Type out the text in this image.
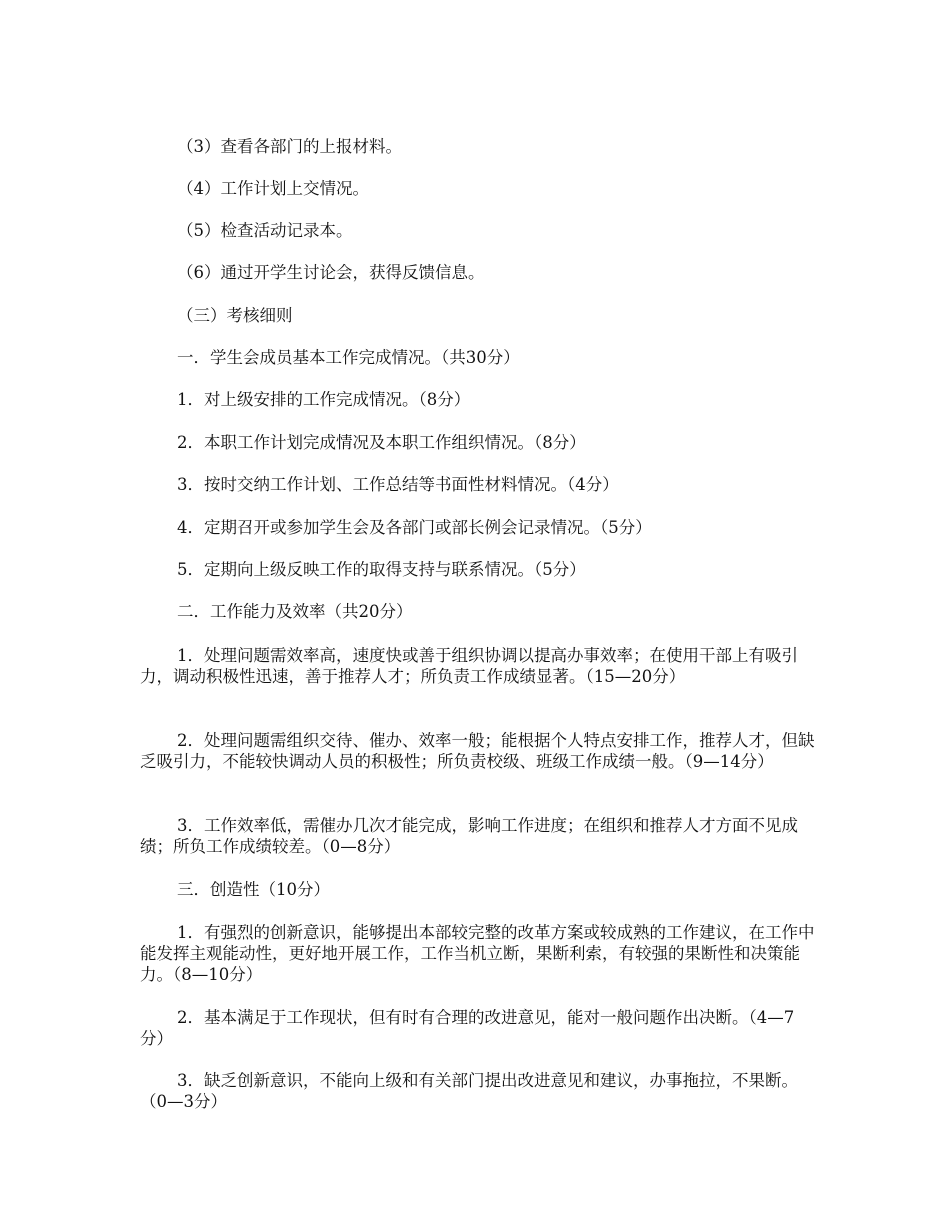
（3）查看各部门的上报材料。

（4）工作计划上交情况。

（5）检查活动记录本。

（6）通过开学生讨论会，获得反馈信息。

（三）考核细则

一．学生会成员基本工作完成情况。（共30分）

1．对上级安排的工作完成情况。（8分）

2．本职工作计划完成情况及本职工作组织情况。（8分）

3．按时交纳工作计划、工作总结等书面性材料情况。（4分）

4．定期召开或参加学生会及各部门或部长例会记录情况。（5分）

5．定期向上级反映工作的取得支持与联系情况。（5分）

二．工作能力及效率（共20分）

1．处理问题需效率高，速度快或善于组织协调以提高办事效率；在使用干部上有吸引力，调动积极性迅速，善于推荐人才；所负责工作成绩显著。（15—20分）

2．处理问题需组织交待、催办、效率一般；能根据个人特点安排工作，推荐人才，但缺乏吸引力，不能较快调动人员的积极性；所负责校级、班级工作成绩一般。（9—14分）

3．工作效率低，需催办几次才能完成，影响工作进度；在组织和推荐人才方面不见成绩；所负工作成绩较差。（0—8分）

三．创造性（10分）

1．有强烈的创新意识，能够提出本部较完整的改革方案或较成熟的工作建议，在工作中能发挥主观能动性，更好地开展工作，工作当机立断，果断利索，有较强的果断性和决策能力。（8—10分）

2．基本满足于工作现状，但有时有合理的改进意见，能对一般问题作出决断。（4—7分）

3．缺乏创新意识，不能向上级和有关部门提出改进意见和建议，办事拖拉，不果断。（0—3分）
